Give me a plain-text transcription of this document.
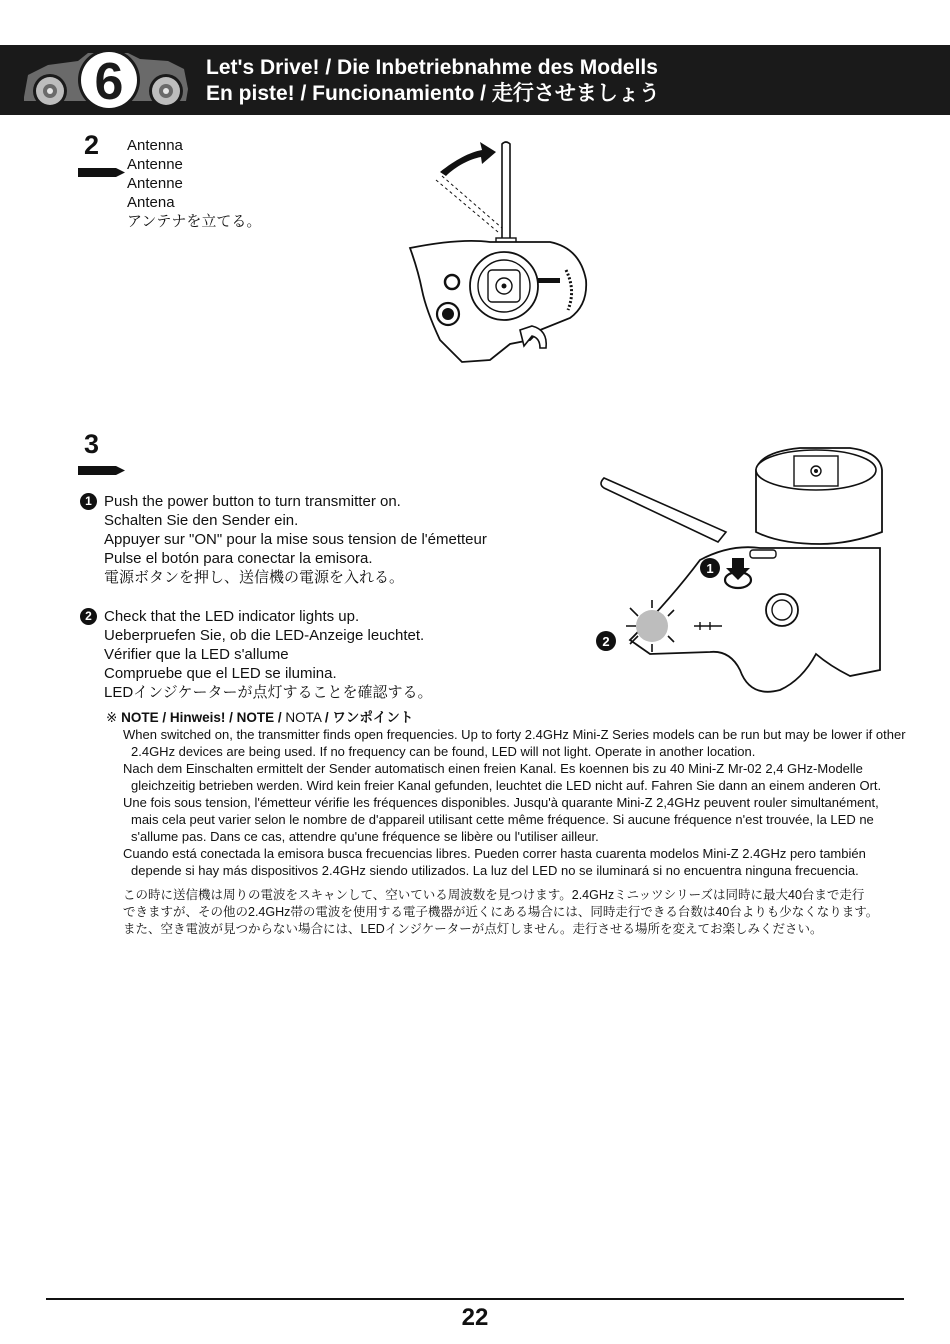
6	Let's Drive! / Die Inbetriebnahme des Modells
En piste! / Funcionamiento / 走行させましょう
2 Antenna
Antenne
Antenne
Antena
アンテナを立てる。
3
1 Push the power button to turn transmitter on.
Schalten Sie den Sender ein.
Appuyer sur "ON" pour la mise sous tension de l'émetteur
Pulse el botón para conectar la emisora.
電源ボタンを押し、送信機の電源を入れる。
2 Check that the LED indicator lights up.
Ueberpruefen Sie, ob die LED-Anzeige leuchtet.
Vérifier que la LED s'allume
Compruebe que el LED se ilumina.
LEDインジケーターが点灯することを確認する。
1
2
※ NOTE / Hinweis! / NOTE / NOTA / ワンポイント
When switched on, the transmitter finds open frequencies. Up to forty 2.4GHz Mini-Z Series models can be run but may be lower if other 2.4GHz devices are being used. If no frequency can be found, LED will not light. Operate in another location.
Nach dem Einschalten ermittelt der Sender automatisch einen freien Kanal. Es koennen bis zu 40 Mini-Z Mr-02 2,4 GHz-Modelle gleichzeitig betrieben werden. Wird kein freier Kanal gefunden, leuchtet die LED nicht auf. Fahren Sie dann an einem anderen Ort.
Une fois sous tension, l'émetteur vérifie les fréquences disponibles. Jusqu'à quarante Mini-Z 2,4GHz peuvent rouler simultanément, mais cela peut varier selon le nombre de d'appareil utilisant cette même fréquence. Si aucune fréquence n'est trouvée, la LED ne s'allume pas. Dans ce cas, attendre qu'une fréquence se libère ou l'utiliser ailleur.
Cuando está conectada la emisora busca frecuencias libres. Pueden correr hasta cuarenta modelos Mini-Z 2.4GHz pero también depende si hay más dispositivos 2.4GHz siendo utilizados. La luz del LED no se iluminará si no encuentra ninguna frecuencia.
この時に送信機は周りの電波をスキャンして、空いている周波数を見つけます。2.4GHzミニッツシリーズは同時に最大40台まで走行
できますが、その他の2.4GHz帯の電波を使用する電子機器が近くにある場合には、同時走行できる台数は40台よりも少なくなります。
また、空き電波が見つからない場合には、LEDインジケーターが点灯しません。走行させる場所を変えてお楽しみください。
22
